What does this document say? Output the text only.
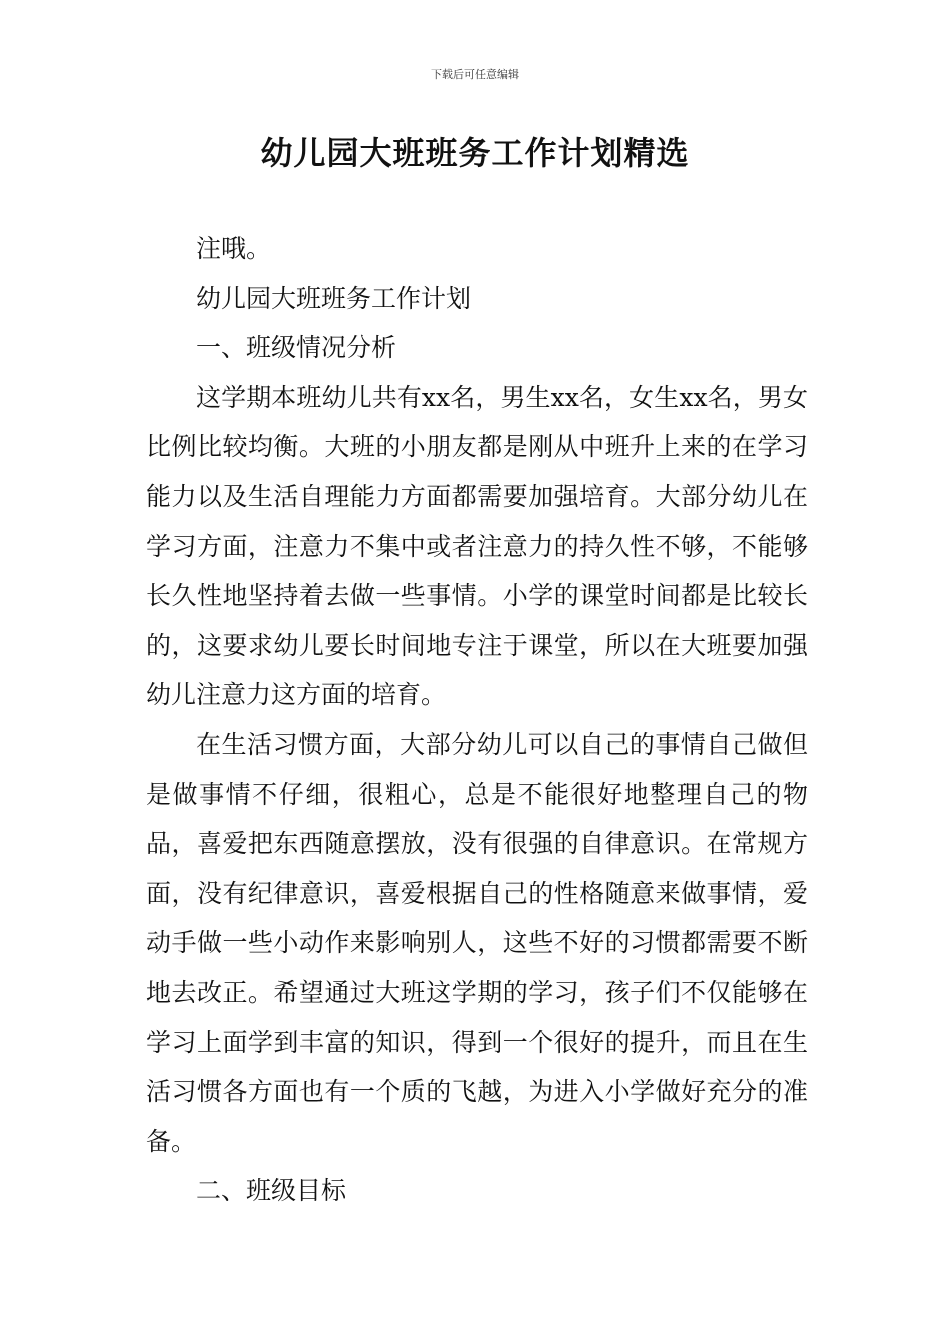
下载后可任意编辑
幼儿园大班班务工作计划精选

注哦。

幼儿园大班班务工作计划

一、班级情况分析

这学期本班幼儿共有xx名，男生xx名，女生xx名，男女比例比较均衡。大班的小朋友都是刚从中班升上来的在学习能力以及生活自理能力方面都需要加强培育。大部分幼儿在学习方面，注意力不集中或者注意力的持久性不够，不能够长久性地坚持着去做一些事情。小学的课堂时间都是比较长的，这要求幼儿要长时间地专注于课堂，所以在大班要加强幼儿注意力这方面的培育。

在生活习惯方面，大部分幼儿可以自己的事情自己做但是做事情不仔细，很粗心，总是不能很好地整理自己的物品，喜爱把东西随意摆放，没有很强的自律意识。在常规方面，没有纪律意识，喜爱根据自己的性格随意来做事情，爱动手做一些小动作来影响别人，这些不好的习惯都需要不断地去改正。希望通过大班这学期的学习，孩子们不仅能够在学习上面学到丰富的知识，得到一个很好的提升，而且在生活习惯各方面也有一个质的飞越，为进入小学做好充分的准备。

二、班级目标
